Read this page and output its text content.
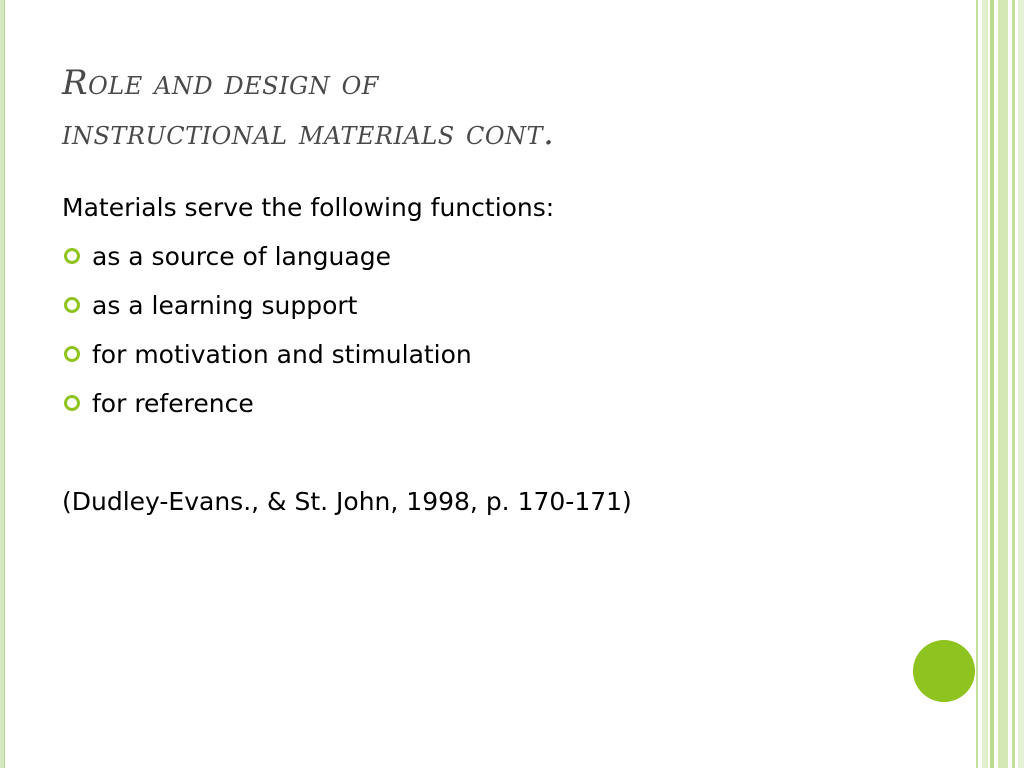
Role and design of
instructional materials cont.
Materials serve the following functions:
as a source of language
as a learning support
for motivation and stimulation
for reference
(Dudley-Evans., & St. John, 1998, p. 170-171)
